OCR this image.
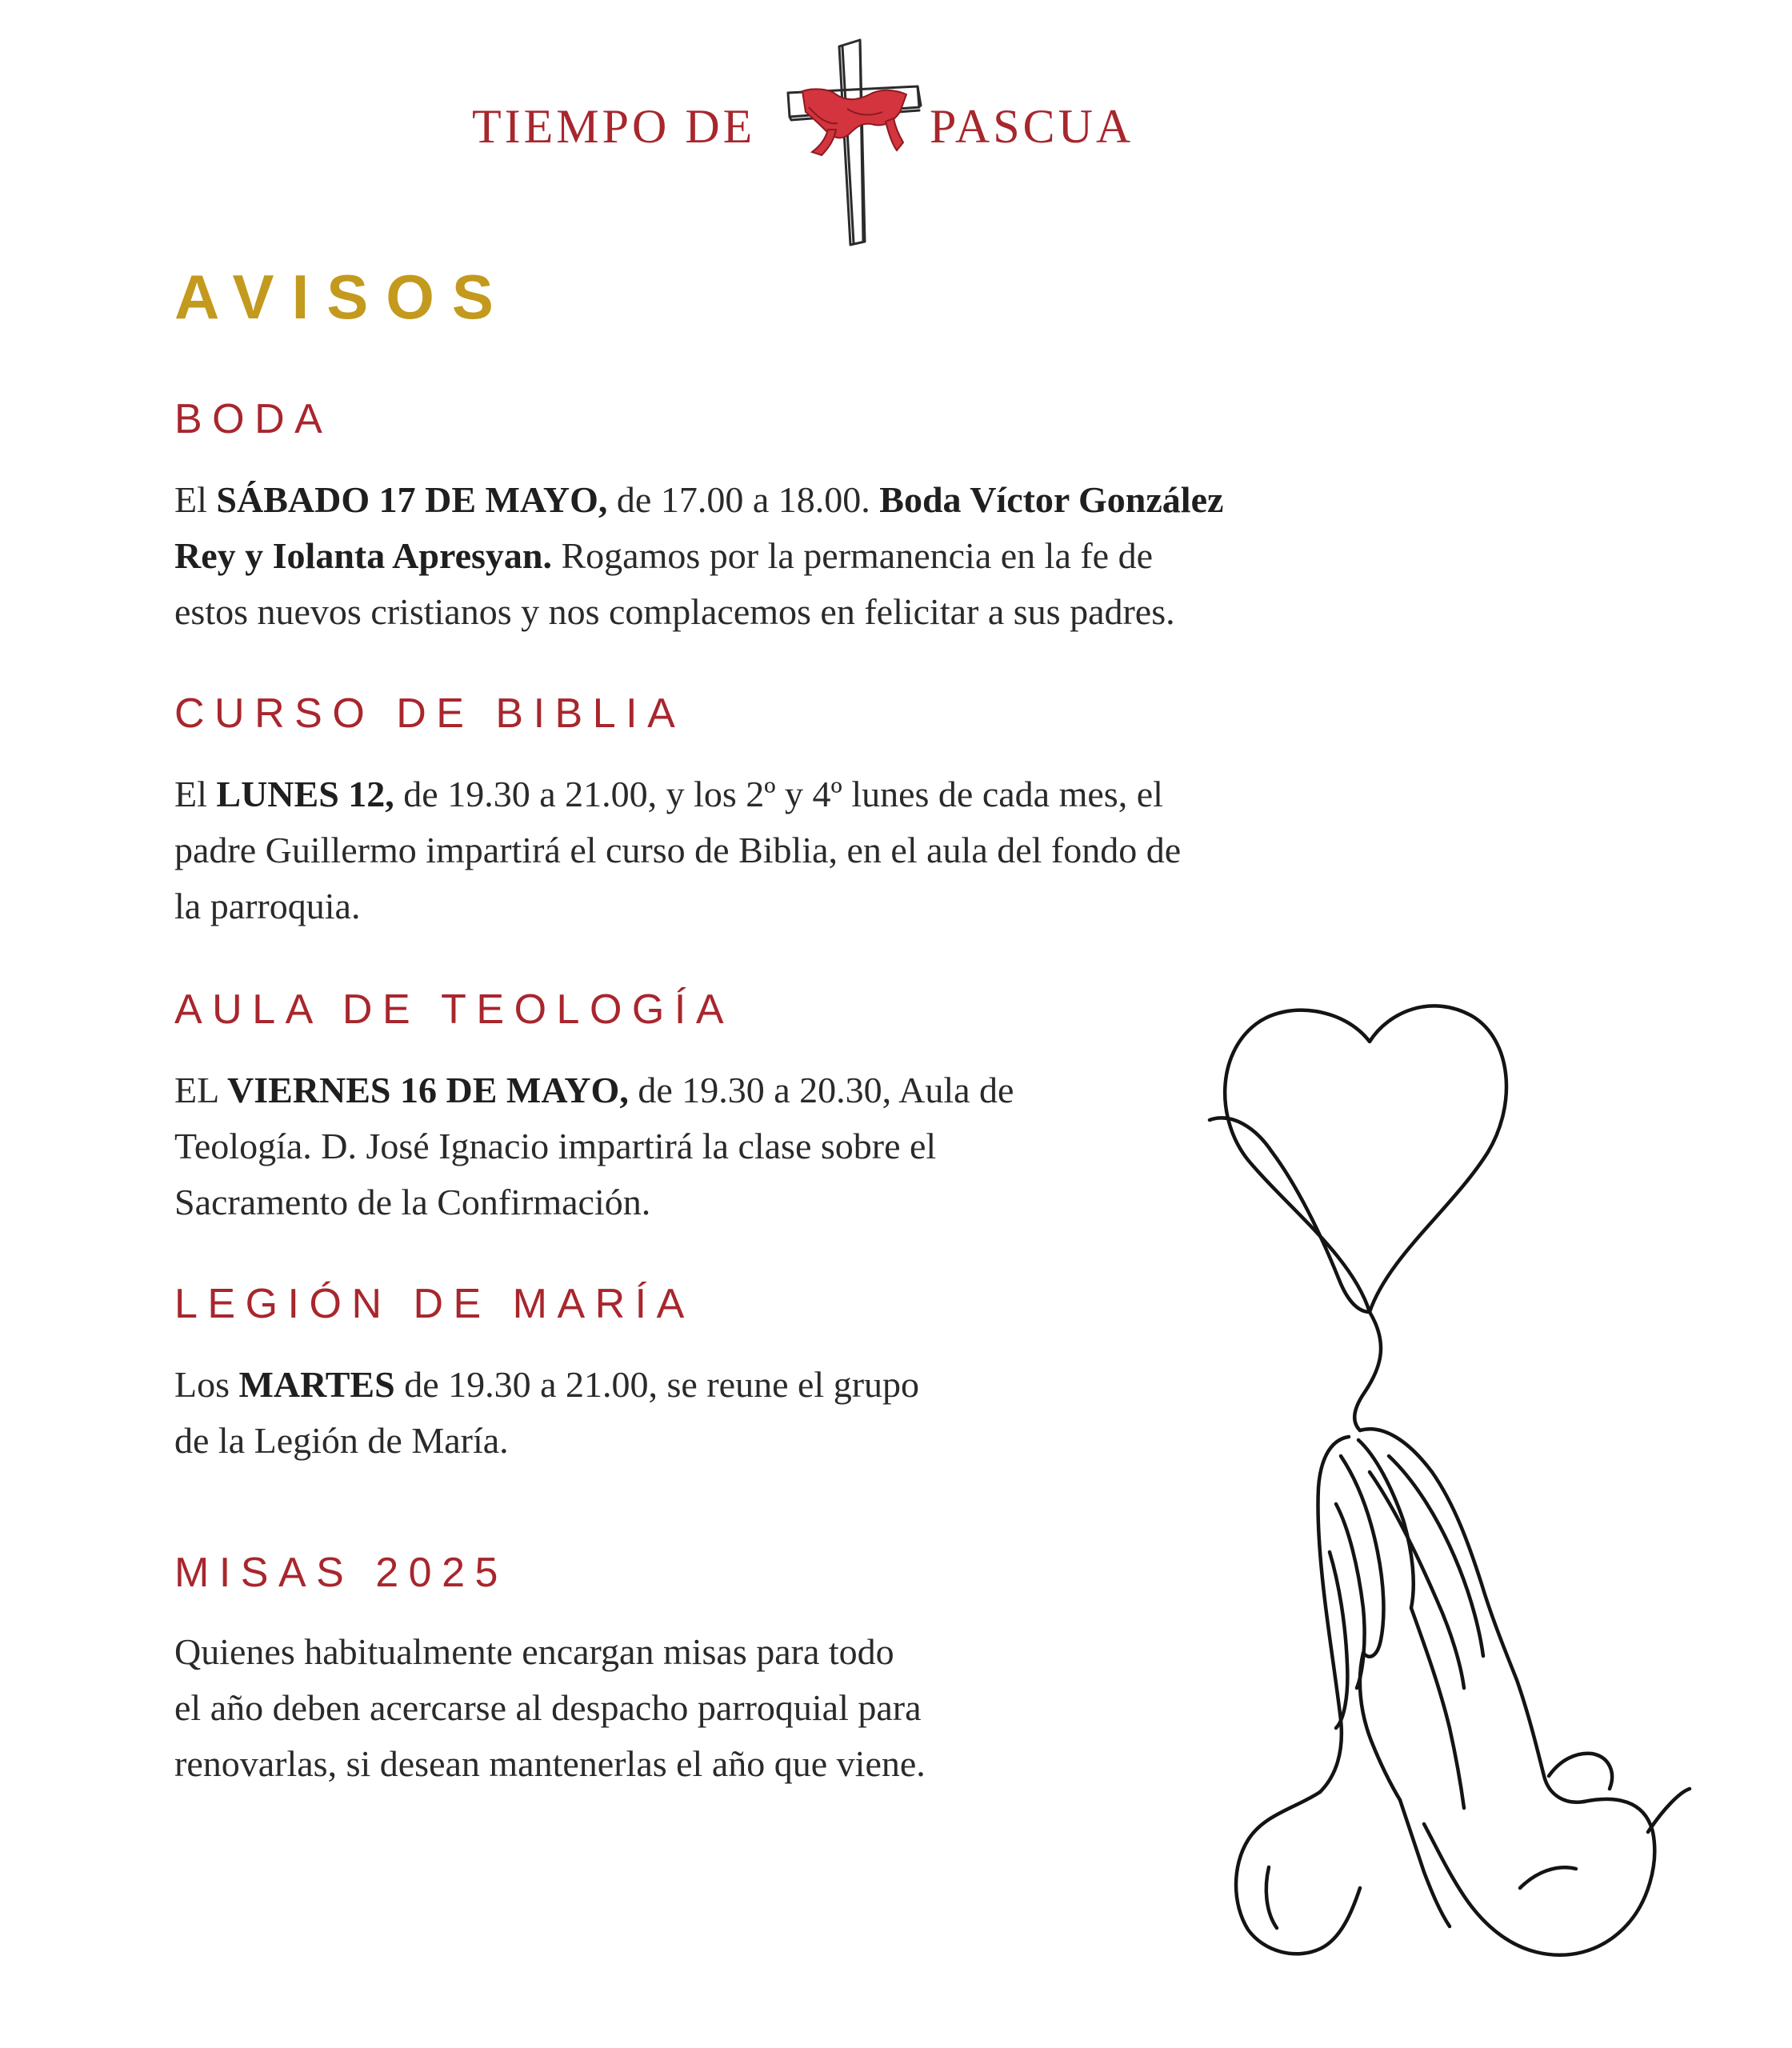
TIEMPO DE	PASCUA
AVISOS
BODA
El SÁBADO 17 DE MAYO, de 17.00 a 18.00. Boda Víctor González
Rey y Iolanta Apresyan. Rogamos por la permanencia en la fe de
estos nuevos cristianos y nos complacemos en felicitar a sus padres.
CURSO DE BIBLIA
El LUNES 12, de 19.30 a 21.00, y los 2º y 4º lunes de cada mes, el
padre Guillermo impartirá el curso de Biblia, en el aula del fondo de
la parroquia.
AULA DE TEOLOGÍA
EL VIERNES 16 DE MAYO, de 19.30 a 20.30, Aula de
Teología. D. José Ignacio impartirá la clase sobre el
Sacramento de la Confirmación.
LEGIÓN DE MARÍA
Los MARTES de 19.30 a 21.00, se reune el grupo
de la Legión de María.
MISAS 2025
Quienes habitualmente encargan misas para todo
el año deben acercarse al despacho parroquial para
renovarlas, si desean mantenerlas el año que viene.
